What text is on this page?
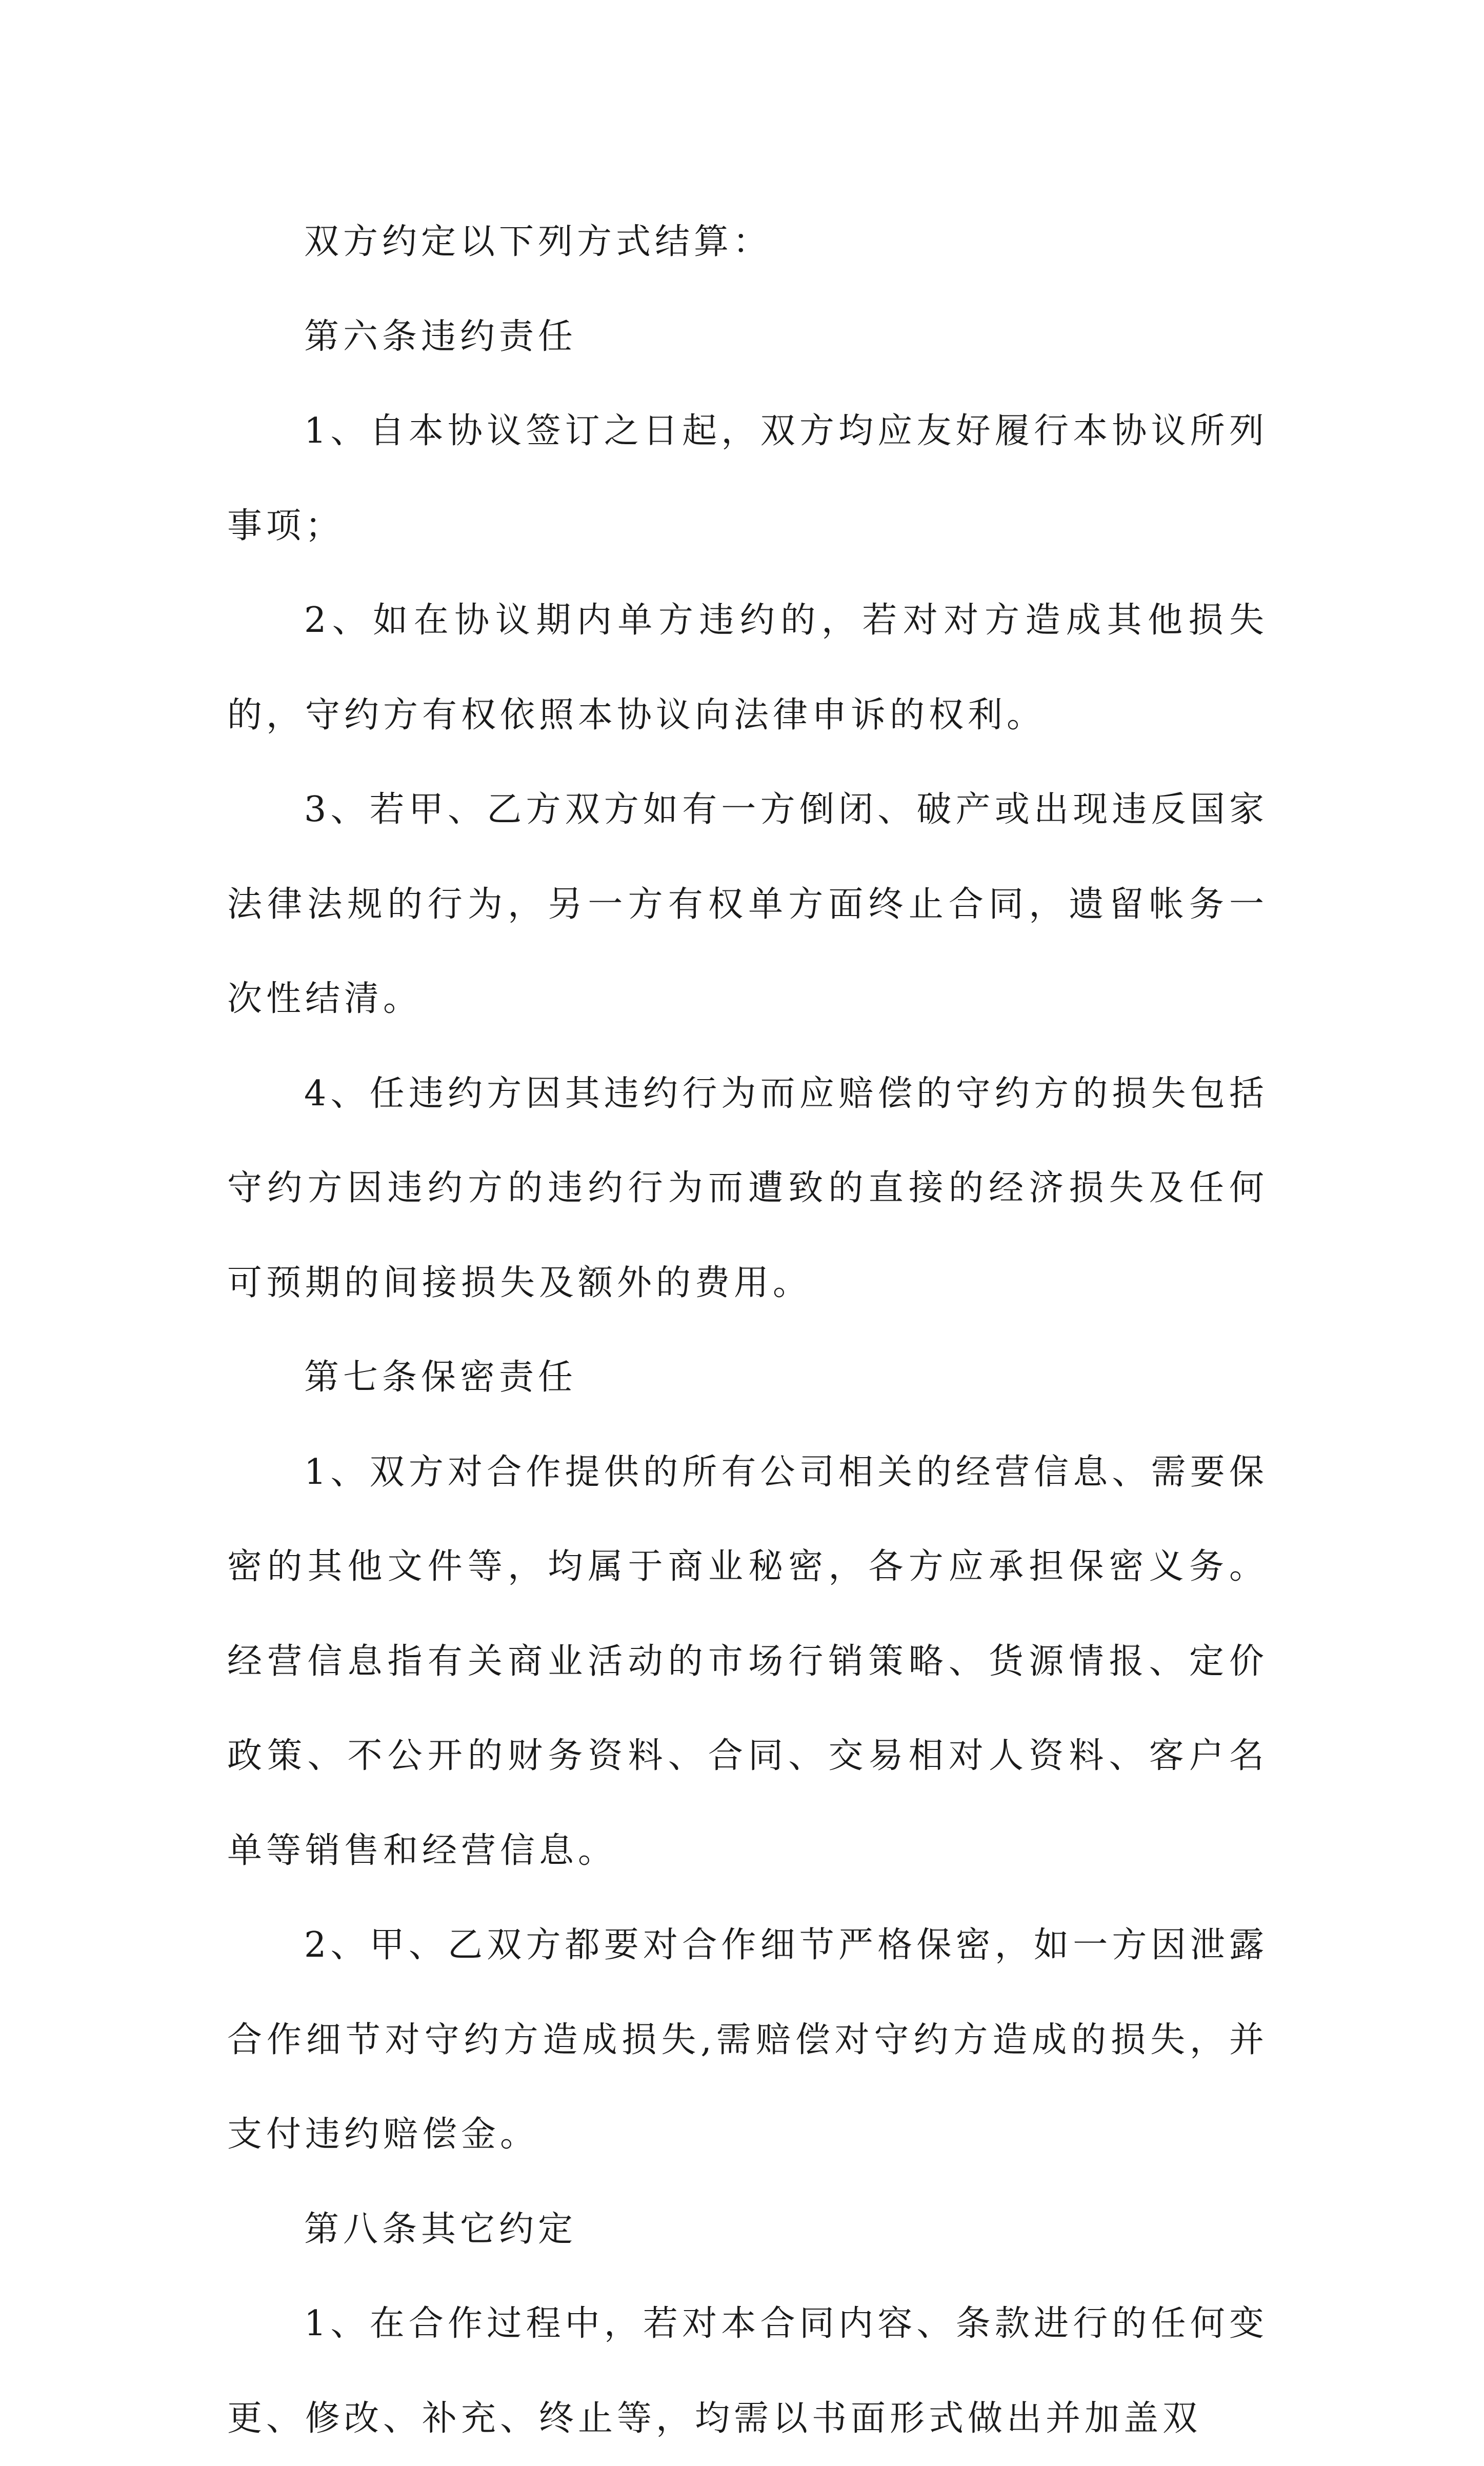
双方约定以下列方式结算：

第六条违约责任

1、自本协议签订之日起，双方均应友好履行本协议所列事项；

2、如在协议期内单方违约的，若对对方造成其他损失的，守约方有权依照本协议向法律申诉的权利。

3、若甲、乙方双方如有一方倒闭、破产或出现违反国家法律法规的行为，另一方有权单方面终止合同，遗留帐务一次性结清。

4、任违约方因其违约行为而应赔偿的守约方的损失包括守约方因违约方的违约行为而遭致的直接的经济损失及任何可预期的间接损失及额外的费用。

第七条保密责任

1、双方对合作提供的所有公司相关的经营信息、需要保密的其他文件等，均属于商业秘密，各方应承担保密义务。经营信息指有关商业活动的市场行销策略、货源情报、定价政策、不公开的财务资料、合同、交易相对人资料、客户名单等销售和经营信息。

2、甲、乙双方都要对合作细节严格保密，如一方因泄露合作细节对守约方造成损失,需赔偿对守约方造成的损失，并支付违约赔偿金。

第八条其它约定

1、在合作过程中，若对本合同内容、条款进行的任何变更、修改、补充、终止等，均需以书面形式做出并加盖双
